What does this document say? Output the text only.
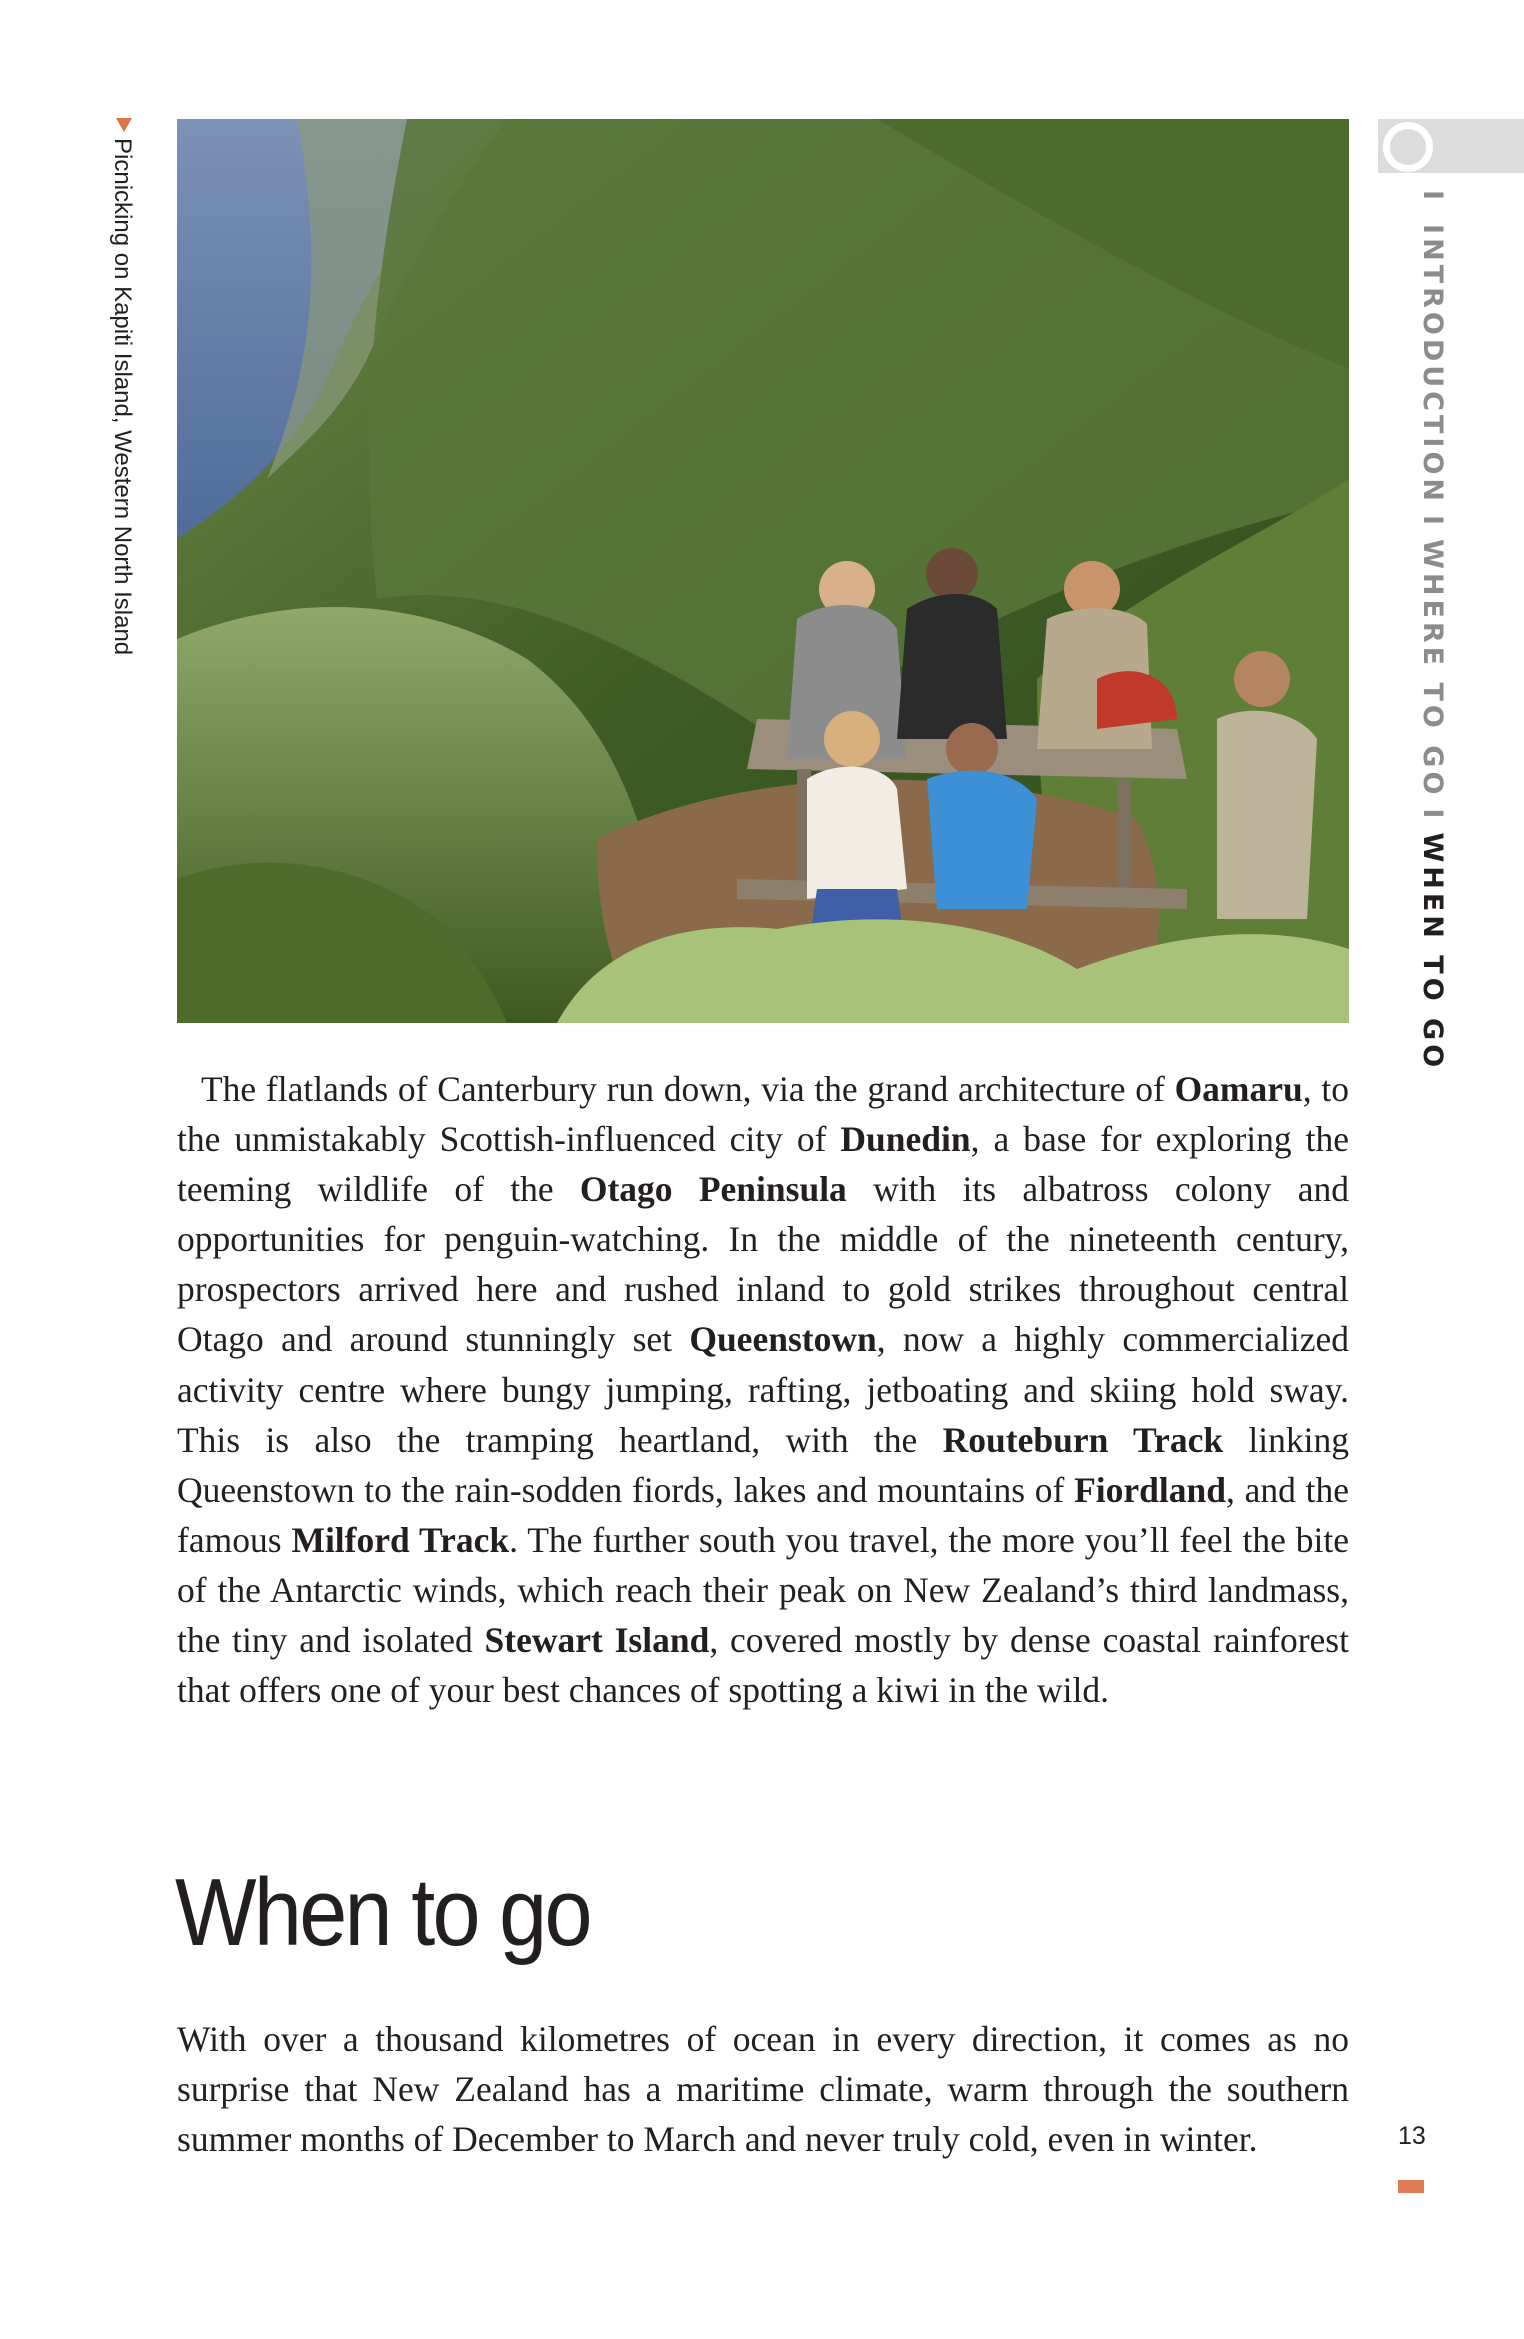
Picnicking on Kapiti Island, Western North Island	IINTRODUCTIONIWHERE TO GOIWHEN TO GO

The flatlands of Canterbury run down, via the grand architecture of Oamaru, to the unmistakably Scottish-influenced city of Dunedin, a base for exploring the teeming wildlife of the Otago Peninsula with its albatross colony and opportunities for penguin-watching. In the middle of the nineteenth century, prospectors arrived here and rushed inland to gold strikes throughout central Otago and around stunningly set Queenstown, now a highly commercialized activity centre where bungy jumping, rafting, jetboating and skiing hold sway. This is also the tramping heartland, with the Routeburn Track linking Queenstown to the rain-sodden fiords, lakes and mountains of Fiordland, and the famous Milford Track. The further south you travel, the more you’ll feel the bite of the Antarctic winds, which reach their peak on New Zealand’s third landmass, the tiny and isolated Stewart Island, covered mostly by dense coastal rainforest that offers one of your best chances of spotting a kiwi in the wild.

When to go

With over a thousand kilometres of ocean in every direction, it comes as no surprise that New Zealand has a maritime climate, warm through the southern summer months of December to March and never truly cold, even in winter.	13
